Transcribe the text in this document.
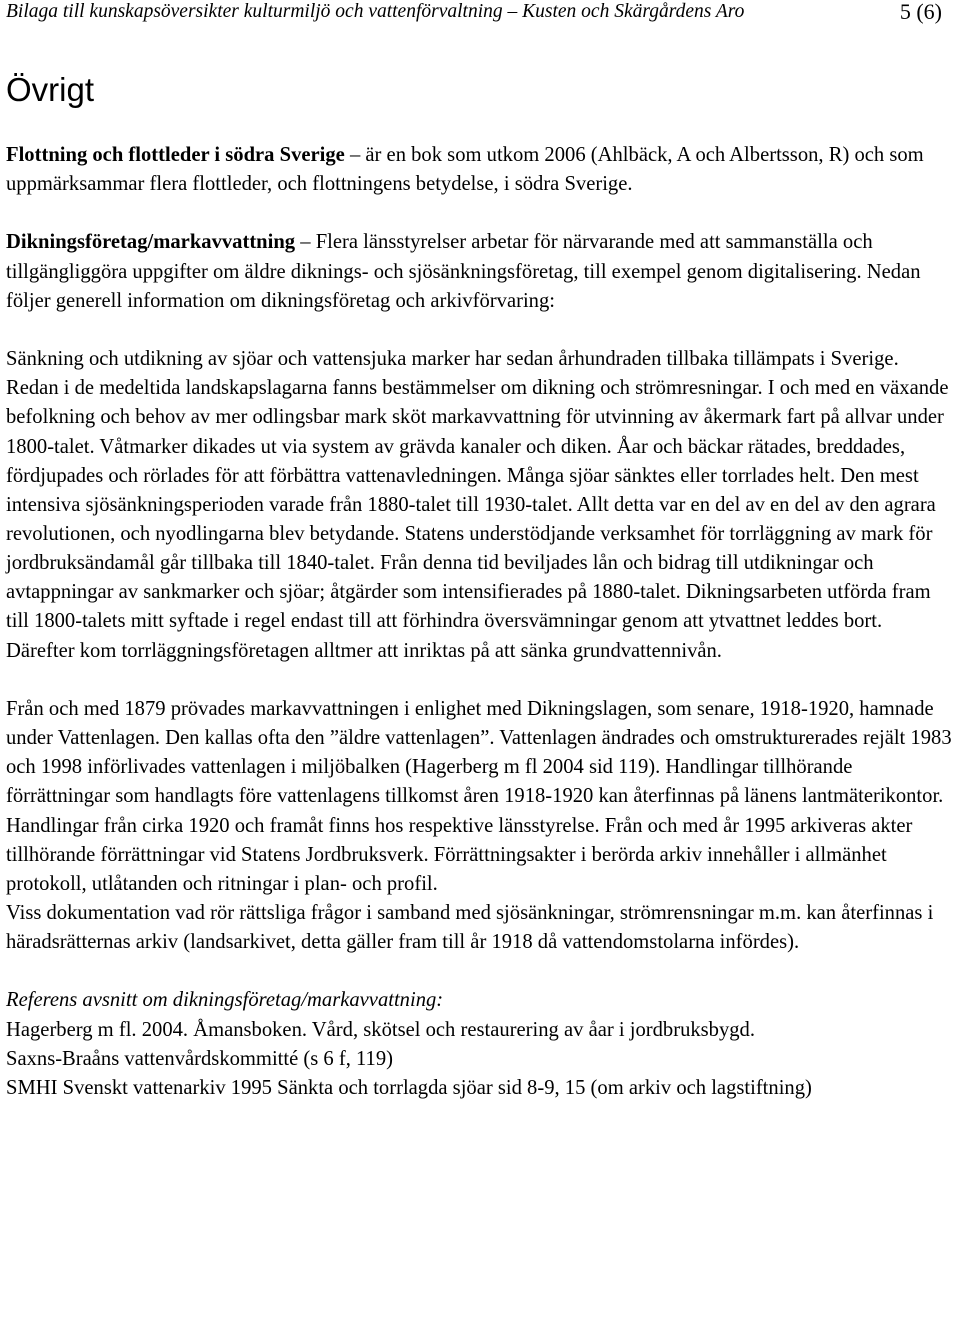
Bilaga till kunskapsöversikter kulturmiljö och vattenförvaltning – Kusten och Skärgårdens Aro	5 (6)
Övrigt

Flottning och flottleder i södra Sverige – är en bok som utkom 2006 (Ahlbäck, A och Albertsson, R) och som uppmärksammar flera flottleder, och flottningens betydelse, i södra Sverige.

Dikningsföretag/markavvattning – Flera länsstyrelser arbetar för närvarande med att sammanställa och tillgängliggöra uppgifter om äldre diknings- och sjösänkningsföretag, till exempel genom digitalisering. Nedan följer generell information om dikningsföretag och arkivförvaring:

Sänkning och utdikning av sjöar och vattensjuka marker har sedan århundraden tillbaka tillämpats i Sverige. Redan i de medeltida landskapslagarna fanns bestämmelser om dikning och strömresningar. I och med en växande befolkning och behov av mer odlingsbar mark sköt markavvattning för utvinning av åkermark fart på allvar under 1800-talet. Våtmarker dikades ut via system av grävda kanaler och diken. Åar och bäckar rätades, breddades, fördjupades och rörlades för att förbättra vattenavledningen. Många sjöar sänktes eller torrlades helt. Den mest intensiva sjösänkningsperioden varade från 1880-talet till 1930-talet. Allt detta var en del av en del av den agrara revolutionen, och nyodlingarna blev betydande. Statens understödjande verksamhet för torrläggning av mark för jordbruksändamål går tillbaka till 1840-talet. Från denna tid beviljades lån och bidrag till utdikningar och avtappningar av sankmarker och sjöar; åtgärder som intensifierades på 1880-talet. Dikningsarbeten utförda fram till 1800-talets mitt syftade i regel endast till att förhindra översvämningar genom att ytvattnet leddes bort. Därefter kom torrläggningsföretagen alltmer att inriktas på att sänka grundvattennivån.

Från och med 1879 prövades markavvattningen i enlighet med Dikningslagen, som senare, 1918-1920, hamnade under Vattenlagen. Den kallas ofta den ”äldre vattenlagen”. Vattenlagen ändrades och omstrukturerades rejält 1983 och 1998 införlivades vattenlagen i miljöbalken (Hagerberg m fl 2004 sid 119). Handlingar tillhörande förrättningar som handlagts före vattenlagens tillkomst åren 1918-1920 kan återfinnas på länens lantmäterikontor. Handlingar från cirka 1920 och framåt finns hos respektive länsstyrelse. Från och med år 1995 arkiveras akter tillhörande förrättningar vid Statens Jordbruksverk. Förrättningsakter i berörda arkiv innehåller i allmänhet protokoll, utlåtanden och ritningar i plan- och profil.

Viss dokumentation vad rör rättsliga frågor i samband med sjösänkningar, strömrensningar m.m. kan återfinnas i häradsrätternas arkiv (landsarkivet, detta gäller fram till år 1918 då vattendomstolarna infördes).

Referens avsnitt om dikningsföretag/markavvattning:

Hagerberg m fl. 2004. Åmansboken. Vård, skötsel och restaurering av åar i jordbruksbygd.

Saxns-Braåns vattenvårdskommitté (s 6 f, 119)

SMHI Svenskt vattenarkiv 1995 Sänkta och torrlagda sjöar sid 8-9, 15 (om arkiv och lagstiftning)
